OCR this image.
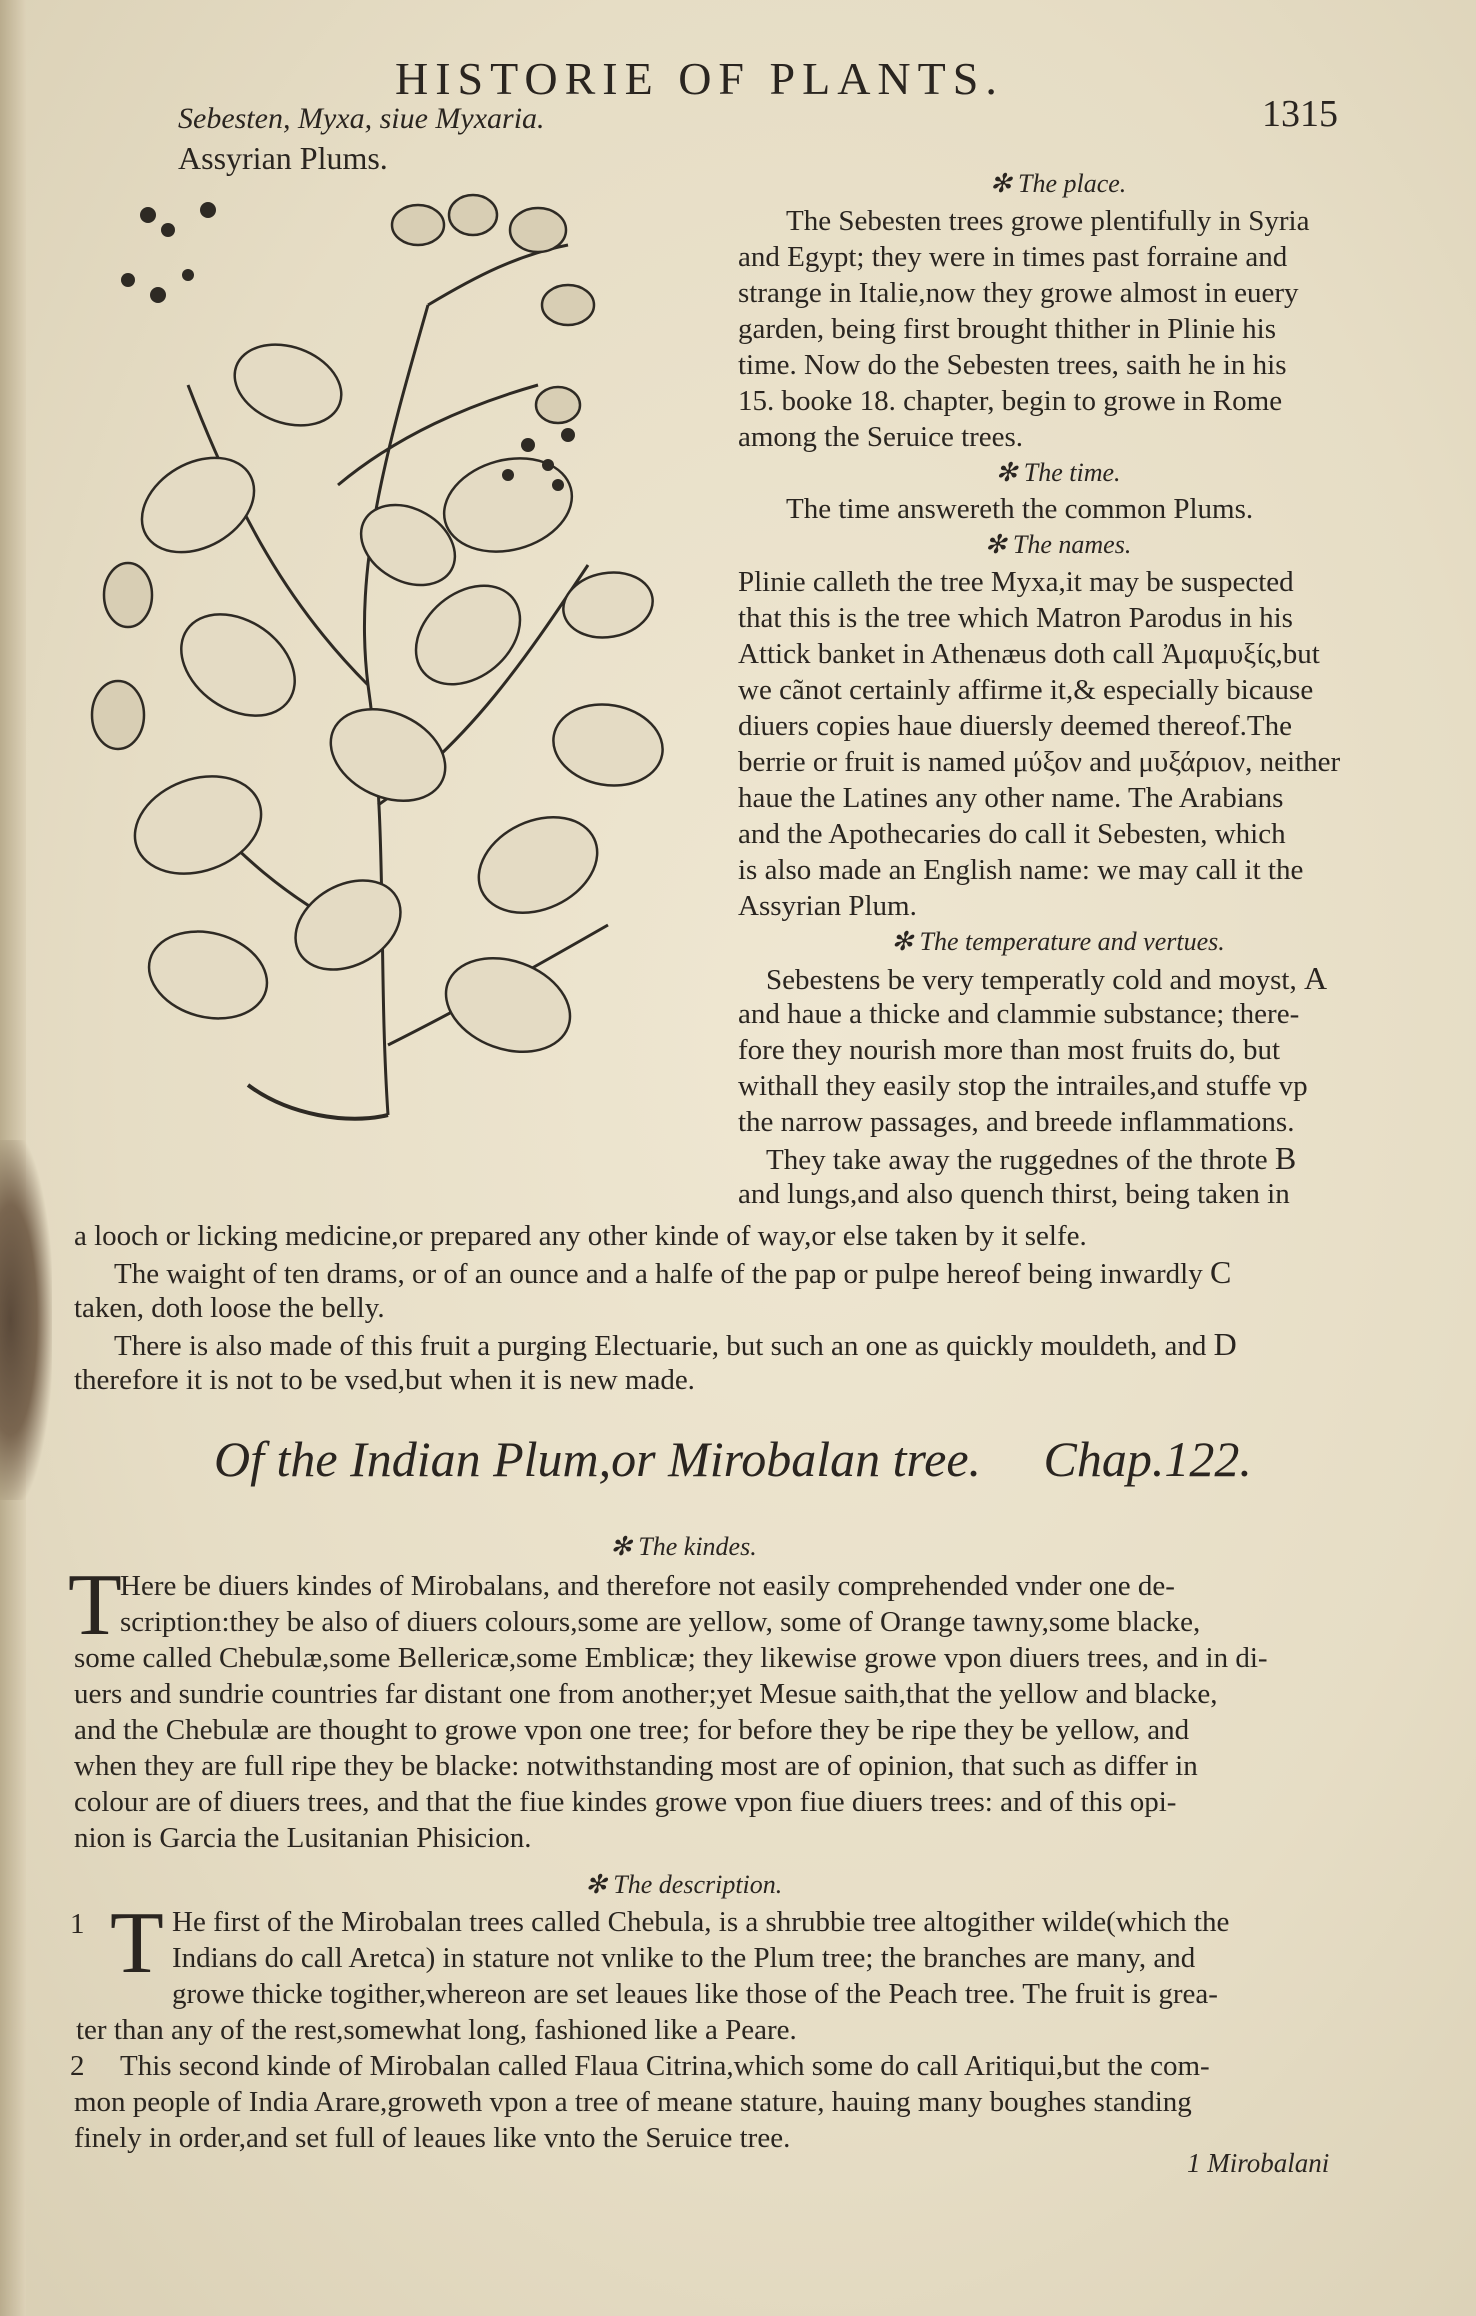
HISTORIE OF PLANTS.
1315
Sebesten, Myxa, siue Myxaria.
Assyrian Plums.
✻ The place.
The Sebesten trees growe plentifully in Syria
and Egypt; they were in times past forraine and
strange in Italie,now they growe almost in euery
garden, being first brought thither in Plinie his
time. Now do the Sebesten trees, saith he in his
15. booke 18. chapter, begin to growe in Rome
among the Seruice trees.
✻ The time.
The time answereth the common Plums.
✻ The names.
Plinie calleth the tree Myxa,it may be suspected
that this is the tree which Matron Parodus in his
Attick banket in Athenæus doth call Ἀμαμυξίς,but
we cãnot certainly affirme it,& especially bicause
diuers copies haue diuersly deemed thereof.The
berrie or fruit is named μύξον and μυξάριον, neither
haue the Latines any other name. The Arabians
and the Apothecaries do call it Sebesten, which
is also made an English name: we may call it the
Assyrian Plum.
✻ The temperature and vertues.
Sebestens be very temperatly cold and moyst, A
and haue a thicke and clammie substance; there-
fore they nourish more than most fruits do, but
withall they easily stop the intrailes,and stuffe vp
the narrow passages, and breede inflammations.
They take away the ruggednes of the throte B
and lungs,and also quench thirst, being taken in
a looch or licking medicine,or prepared any other kinde of way,or else taken by it selfe.
The waight of ten drams, or of an ounce and a halfe of the pap or pulpe hereof being inwardly C
taken, doth loose the belly.
There is also made of this fruit a purging Electuarie, but such an one as quickly mouldeth, and D
therefore it is not to be vsed,but when it is new made.
Of the Indian Plum,or Mirobalan tree. Chap.122.
✻ The kindes.
T
Here be diuers kindes of Mirobalans, and therefore not easily comprehended vnder one de-
scription:they be also of diuers colours,some are yellow, some of Orange tawny,some blacke,
some called Chebulæ,some Bellericæ,some Emblicæ; they likewise growe vpon diuers trees, and in di-
uers and sundrie countries far distant one from another;yet Mesue saith,that the yellow and blacke,
and the Chebulæ are thought to growe vpon one tree; for before they be ripe they be yellow, and
when they are full ripe they be blacke: notwithstanding most are of opinion, that such as differ in
colour are of diuers trees, and that the fiue kindes growe vpon fiue diuers trees: and of this opi-
nion is Garcia the Lusitanian Phisicion.
✻ The description.
1 T He first of the Mirobalan trees called Chebula, is a shrubbie tree altogither wilde(which the
Indians do call Aretca) in stature not vnlike to the Plum tree; the branches are many, and
growe thicke togither,whereon are set leaues like those of the Peach tree. The fruit is grea-
ter than any of the rest,somewhat long, fashioned like a Peare.
2 This second kinde of Mirobalan called Flaua Citrina,which some do call Aritiqui,but the com-
mon people of India Arare,groweth vpon a tree of meane stature, hauing many boughes standing
finely in order,and set full of leaues like vnto the Seruice tree.
1 Mirobalani
